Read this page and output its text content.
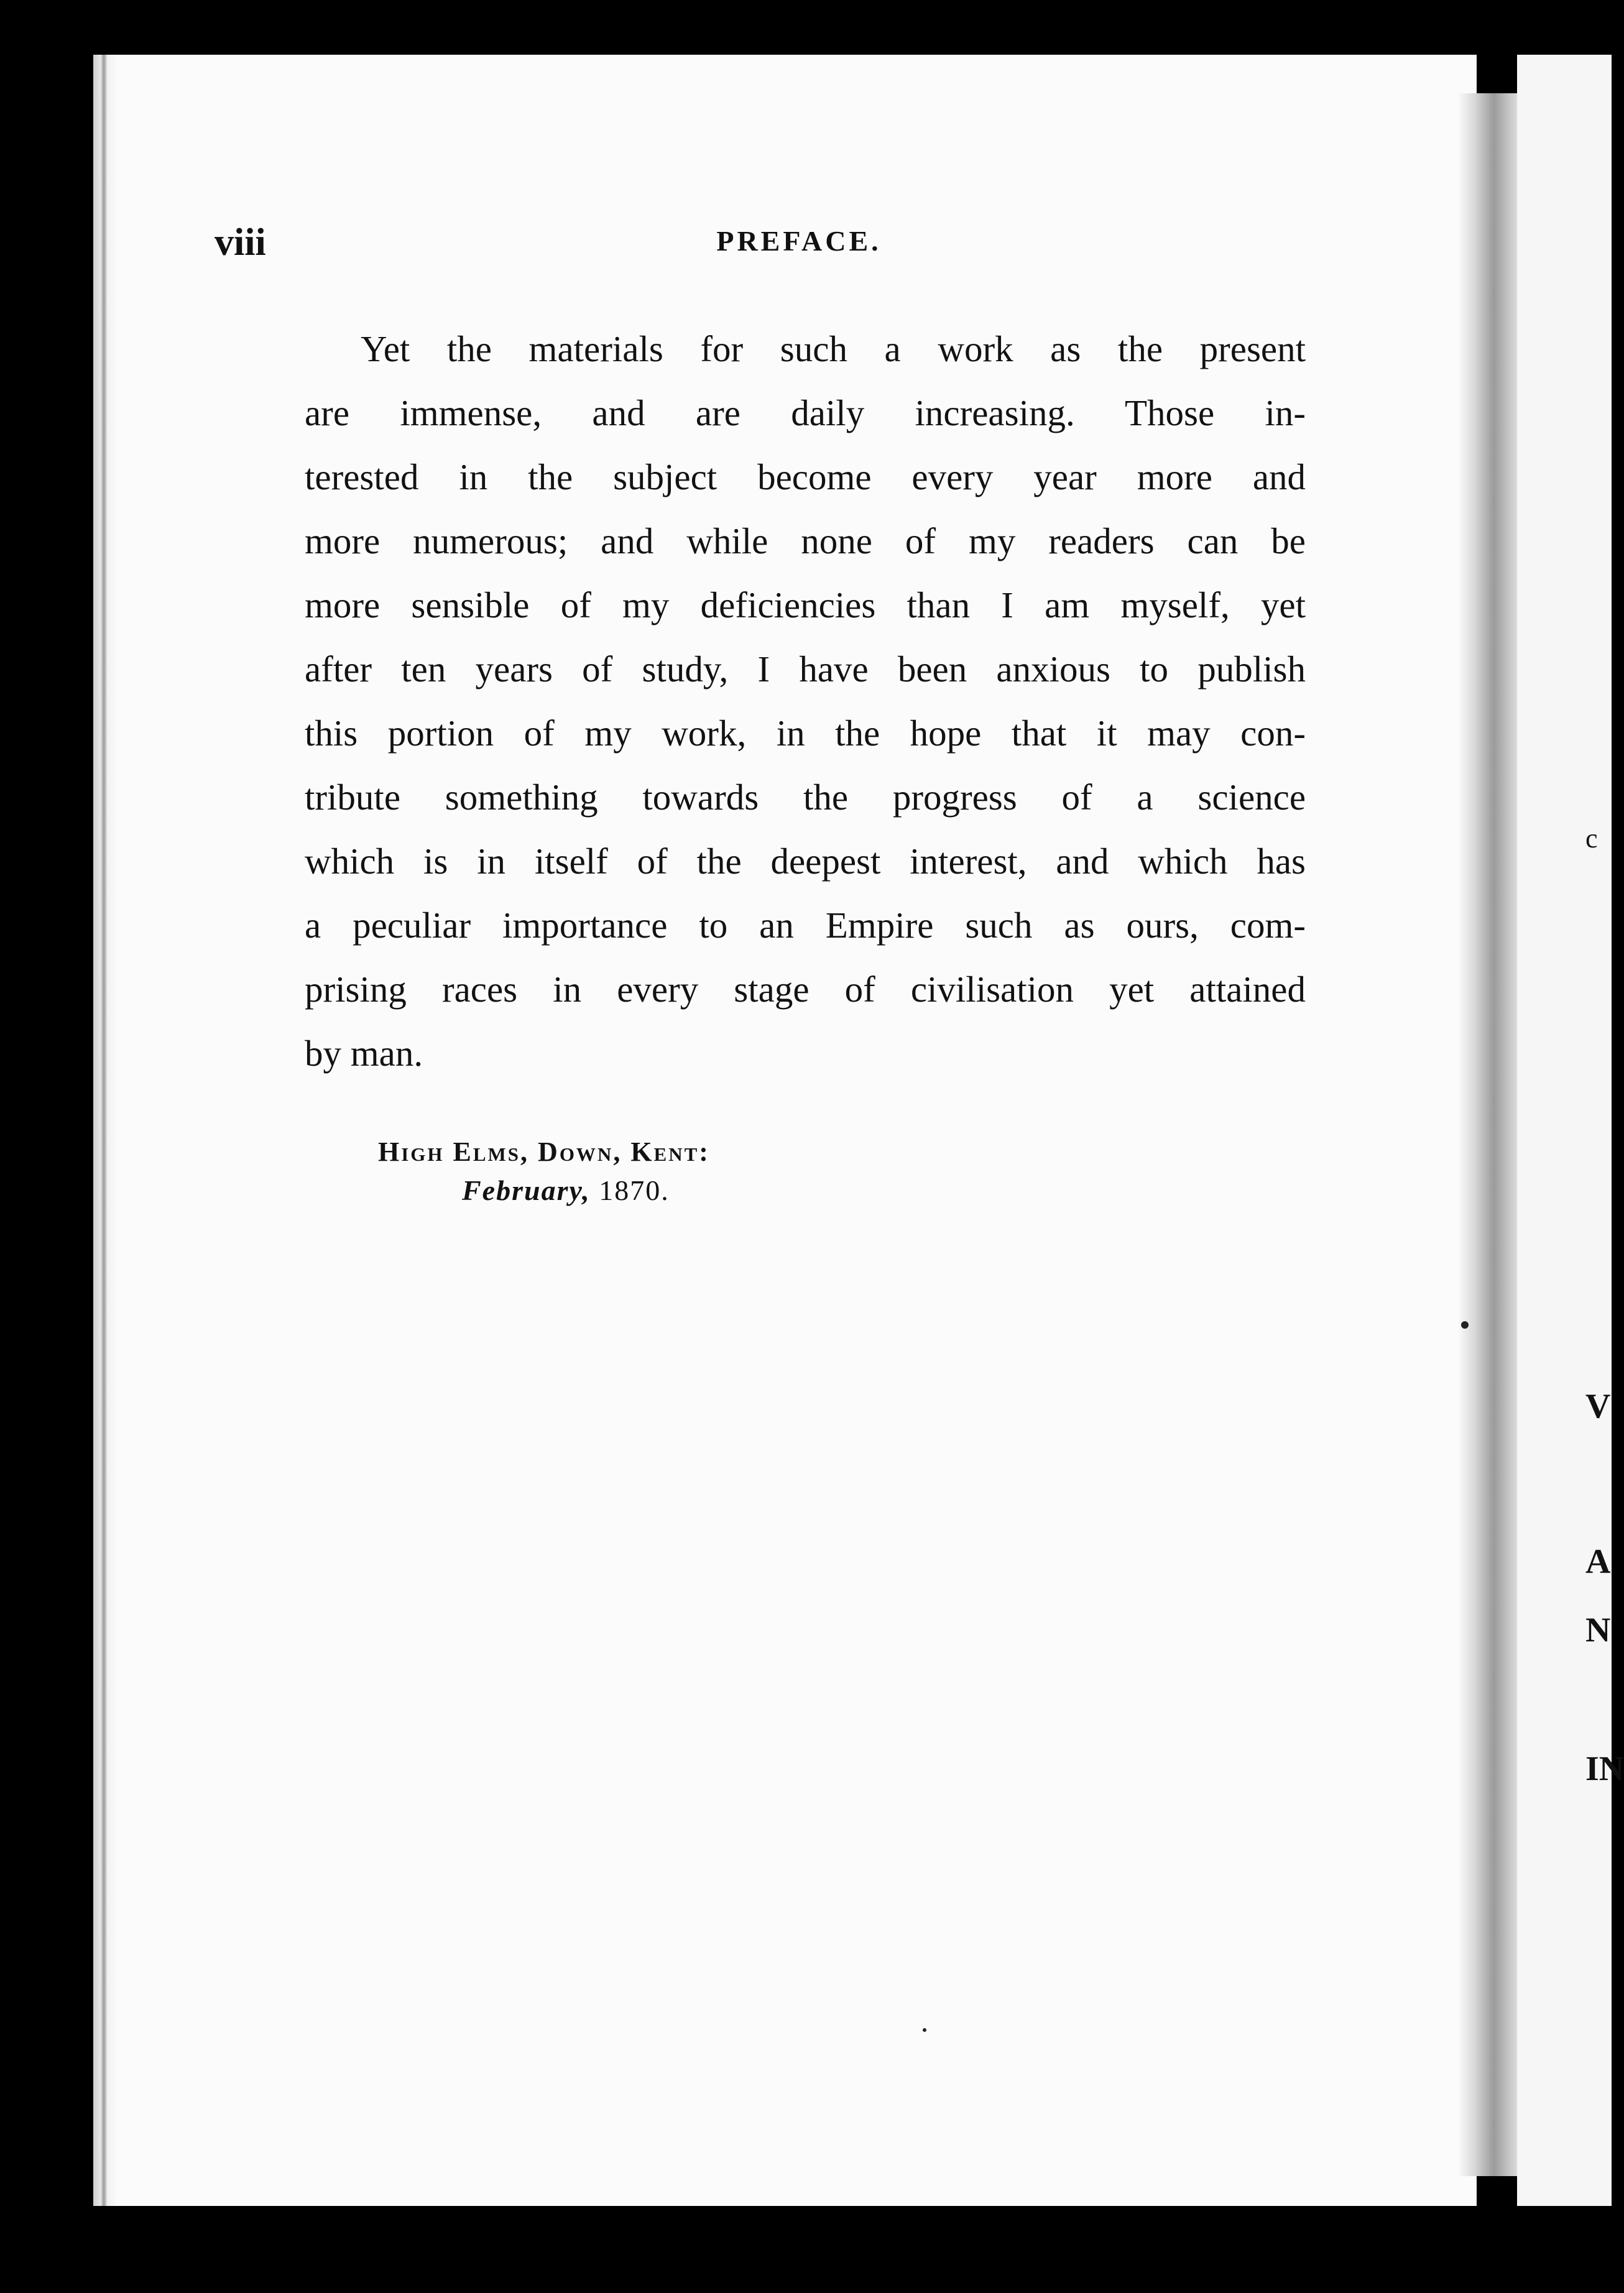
c
V
A
N
IN
viii	PREFACE.
Yet the materials for such a work as the present
are immense, and are daily increasing. Those in-
terested in the subject become every year more and
more numerous; and while none of my readers can be
more sensible of my deficiencies than I am myself, yet
after ten years of study, I have been anxious to publish
this portion of my work, in the hope that it may con-
tribute something towards the progress of a science
which is in itself of the deepest interest, and which has
a peculiar importance to an Empire such as ours, com-
prising races in every stage of civilisation yet attained
by man.
High Elms, Down, Kent:
February, 1870.
